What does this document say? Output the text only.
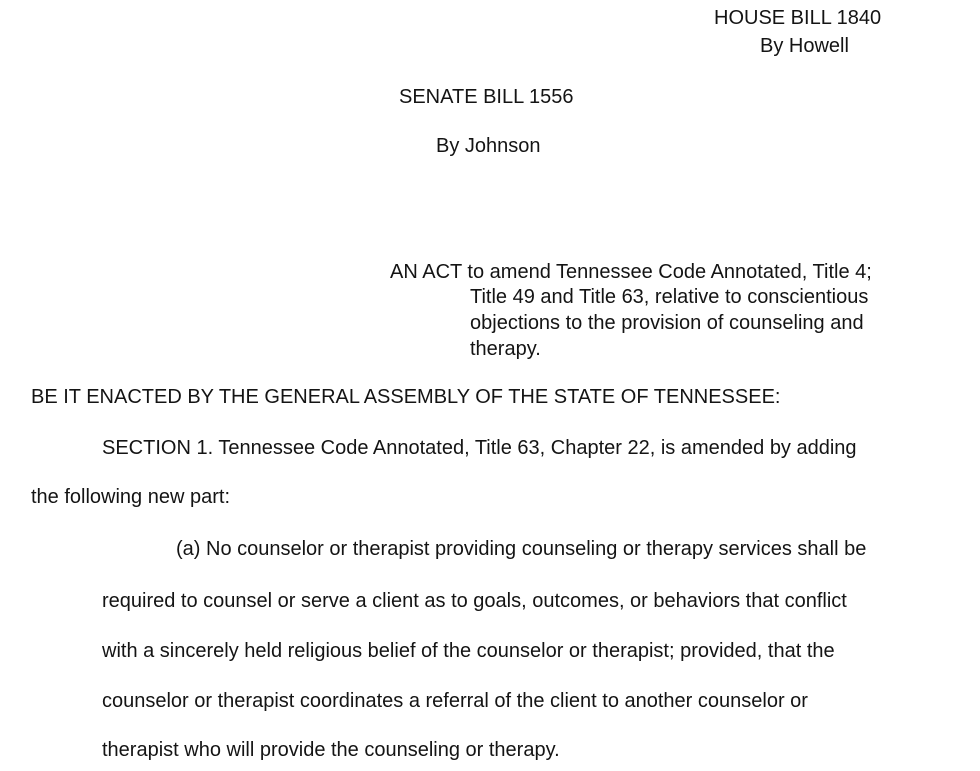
HOUSE BILL 1840
By Howell
SENATE BILL 1556
By Johnson
AN ACT to amend Tennessee Code Annotated, Title 4;
Title 49 and Title 63, relative to conscientious
objections to the provision of counseling and
therapy.
BE IT ENACTED BY THE GENERAL ASSEMBLY OF THE STATE OF TENNESSEE:
SECTION 1. Tennessee Code Annotated, Title 63, Chapter 22, is amended by adding
the following new part:
(a) No counselor or therapist providing counseling or therapy services shall be
required to counsel or serve a client as to goals, outcomes, or behaviors that conflict
with a sincerely held religious belief of the counselor or therapist; provided, that the
counselor or therapist coordinates a referral of the client to another counselor or
therapist who will provide the counseling or therapy.
